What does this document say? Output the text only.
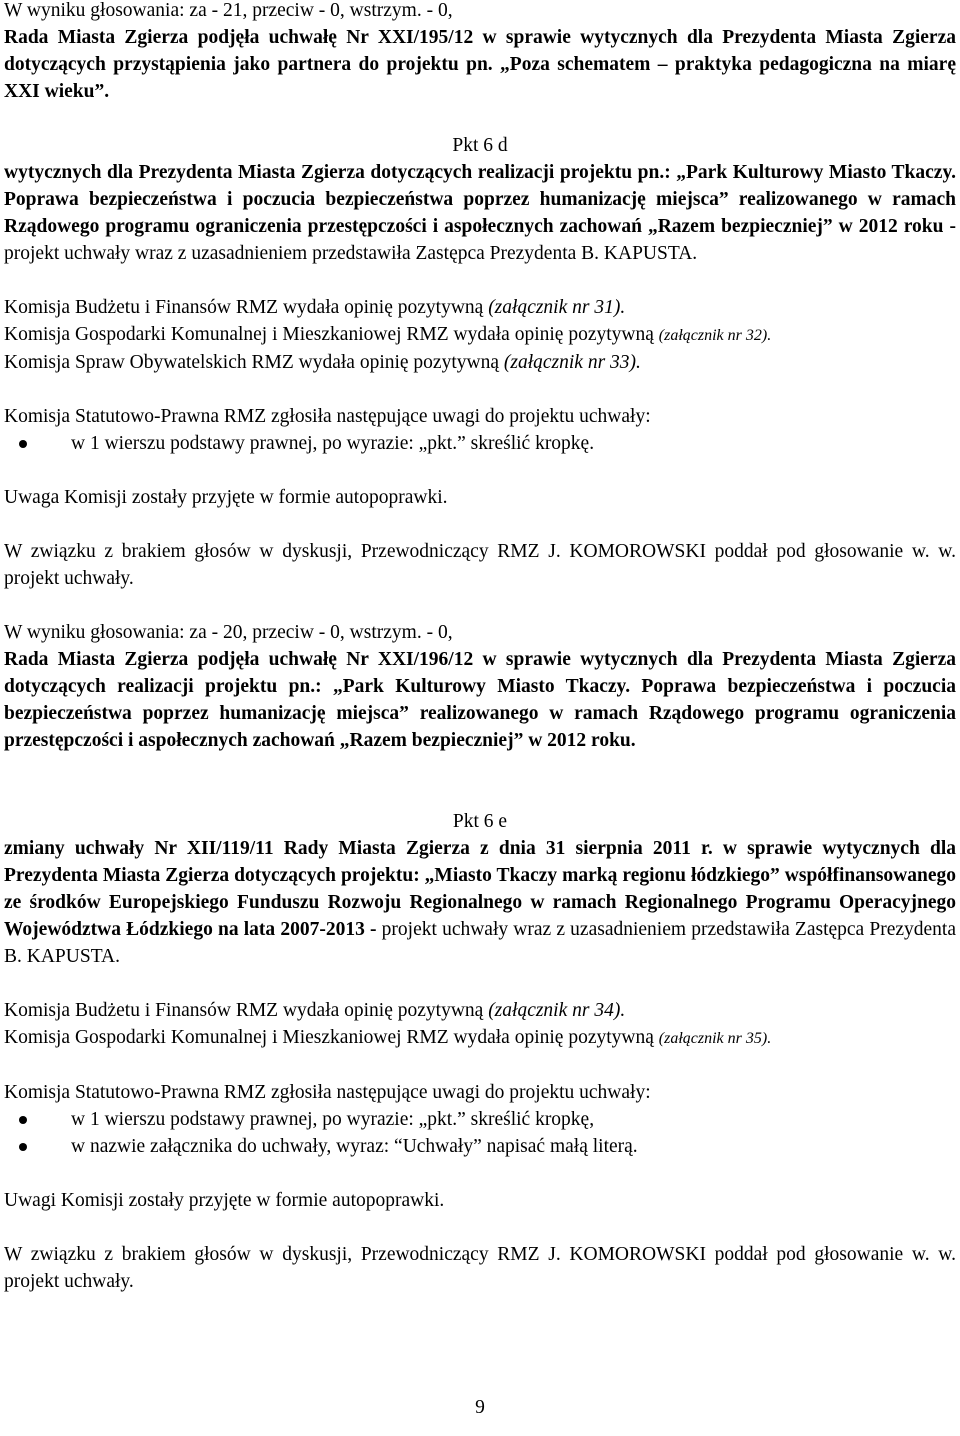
W wyniku głosowania: za - 21, przeciw - 0, wstrzym. - 0,

Rada Miasta Zgierza podjęła uchwałę Nr XXI/195/12 w sprawie wytycznych dla Prezydenta Miasta Zgierza dotyczących przystąpienia jako partnera do projektu pn. „Poza schematem – praktyka pedagogiczna na miarę XXI wieku”.

Pkt 6 d

wytycznych dla Prezydenta Miasta Zgierza dotyczących realizacji projektu pn.: „Park Kulturowy Miasto Tkaczy. Poprawa bezpieczeństwa i poczucia bezpieczeństwa poprzez humanizację miejsca” realizowanego w ramach Rządowego programu ograniczenia przestępczości i aspołecznych zachowań „Razem bezpieczniej” w 2012 roku - projekt uchwały wraz z uzasadnieniem przedstawiła Zastępca Prezydenta B. KAPUSTA.

Komisja Budżetu i Finansów RMZ wydała opinię pozytywną (załącznik nr 31).

Komisja Gospodarki Komunalnej i Mieszkaniowej RMZ wydała opinię pozytywną (załącznik nr 32).

Komisja Spraw Obywatelskich RMZ wydała opinię pozytywną (załącznik nr 33).

Komisja Statutowo-Prawna RMZ zgłosiła następujące uwagi do projektu uchwały:

w 1 wierszu podstawy prawnej, po wyrazie: „pkt.” skreślić kropkę.

Uwaga Komisji zostały przyjęte w formie autopoprawki.

W związku z brakiem głosów w dyskusji, Przewodniczący RMZ J. KOMOROWSKI poddał pod głosowanie w. w. projekt uchwały.

W wyniku głosowania: za - 20, przeciw - 0, wstrzym. - 0,

Rada Miasta Zgierza podjęła uchwałę Nr XXI/196/12 w sprawie wytycznych dla Prezydenta Miasta Zgierza dotyczących realizacji projektu pn.: „Park Kulturowy Miasto Tkaczy. Poprawa bezpieczeństwa i poczucia bezpieczeństwa poprzez humanizację miejsca” realizowanego w ramach Rządowego programu ograniczenia przestępczości i aspołecznych zachowań „Razem bezpieczniej” w 2012 roku.

Pkt 6 e

zmiany uchwały Nr XII/119/11 Rady Miasta Zgierza z dnia 31 sierpnia 2011 r. w sprawie wytycznych dla Prezydenta Miasta Zgierza dotyczących projektu: „Miasto Tkaczy marką regionu łódzkiego” współfinansowanego ze środków Europejskiego Funduszu Rozwoju Regionalnego w ramach Regionalnego Programu Operacyjnego Województwa Łódzkiego na lata 2007-2013 - projekt uchwały wraz z uzasadnieniem przedstawiła Zastępca Prezydenta B. KAPUSTA.

Komisja Budżetu i Finansów RMZ wydała opinię pozytywną (załącznik nr 34).

Komisja Gospodarki Komunalnej i Mieszkaniowej RMZ wydała opinię pozytywną (załącznik nr 35).

Komisja Statutowo-Prawna RMZ zgłosiła następujące uwagi do projektu uchwały:

w 1 wierszu podstawy prawnej, po wyrazie: „pkt.” skreślić kropkę,
w nazwie załącznika do uchwały, wyraz: “Uchwały” napisać małą literą.

Uwagi Komisji zostały przyjęte w formie autopoprawki.

W związku z brakiem głosów w dyskusji, Przewodniczący RMZ J. KOMOROWSKI poddał pod głosowanie w. w. projekt uchwały.

9
